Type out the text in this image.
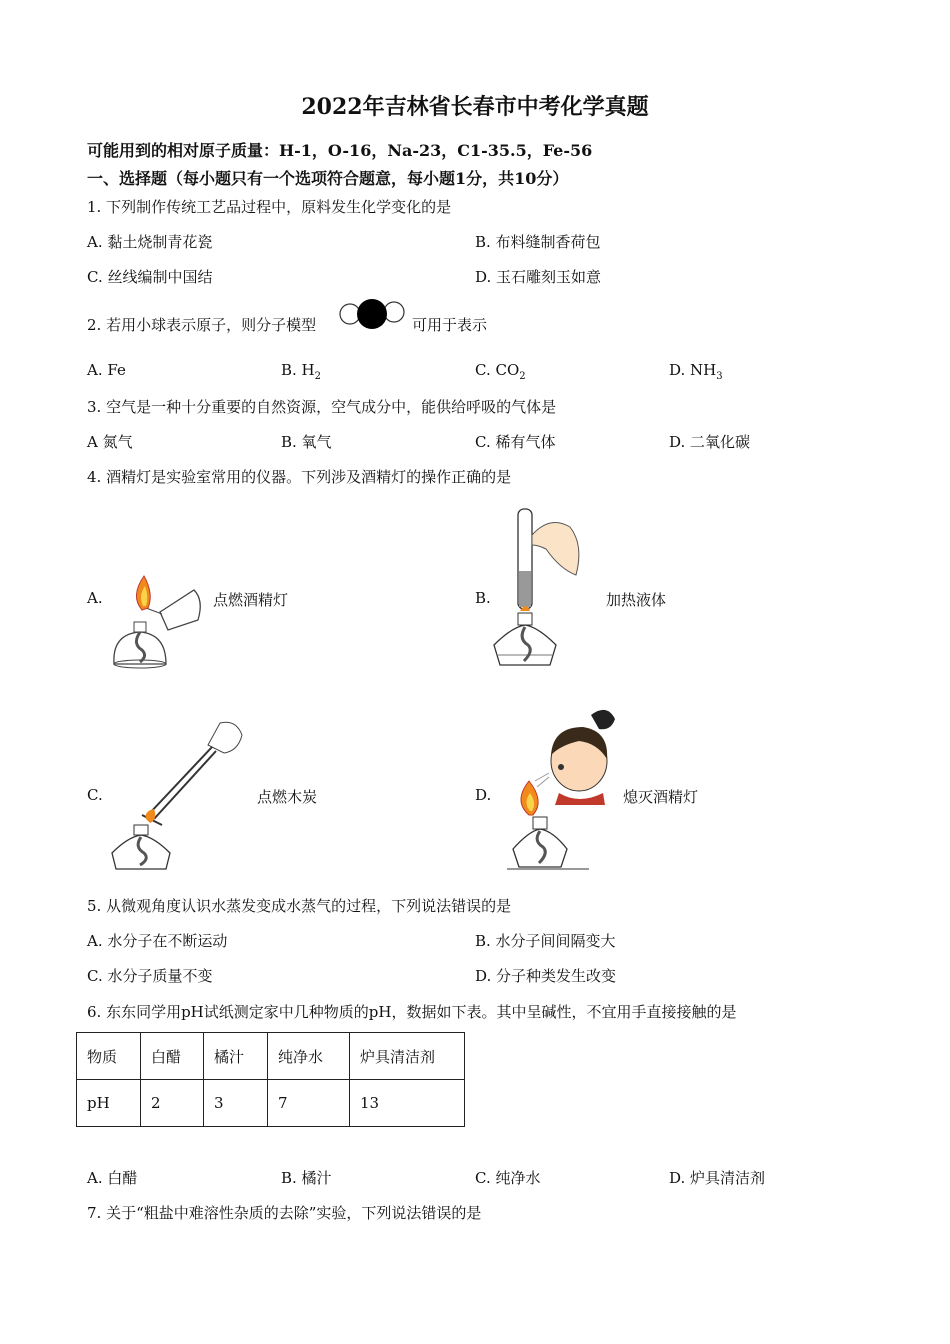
2022年吉林省长春市中考化学真题
可能用到的相对原子质量：H-1，O-16，Na-23，C1-35.5，Fe-56
一、选择题（每小题只有一个选项符合题意，每小题1分，共10分）
1. 下列制作传统工艺品过程中，原料发生化学变化的是
A. 黏土烧制青花瓷	B. 布料缝制香荷包
C. 丝线编制中国结	D. 玉石雕刻玉如意
2. 若用小球表示原子，则分子模型	可用于表示
A. Fe	B. $H_2$	C. $CO_2$	D. $NH_3$
3. 空气是一种十分重要的自然资源，空气成分中，能供给呼吸的气体是
A 氮气	B. 氧气	C. 稀有气体	D. 二氧化碳
4. 酒精灯是实验室常用的仪器。下列涉及酒精灯的操作正确的是
A.	点燃酒精灯	B.	加热液体
C.	点燃木炭	D.	熄灭酒精灯
5. 从微观角度认识水蒸发变成水蒸气的过程，下列说法错误的是
A. 水分子在不断运动	B. 水分子间间隔变大
C. 水分子质量不变	D. 分子种类发生改变
6. 东东同学用pH试纸测定家中几种物质的pH，数据如下表。其中呈碱性，不宜用手直接接触的是
物质	白醋	橘汁	纯净水	炉具清洁剂
pH	2	3	7	13
A. 白醋	B. 橘汁	C. 纯净水	D. 炉具清洁剂
7. 关于“粗盐中难溶性杂质的去除”实验，下列说法错误的是
